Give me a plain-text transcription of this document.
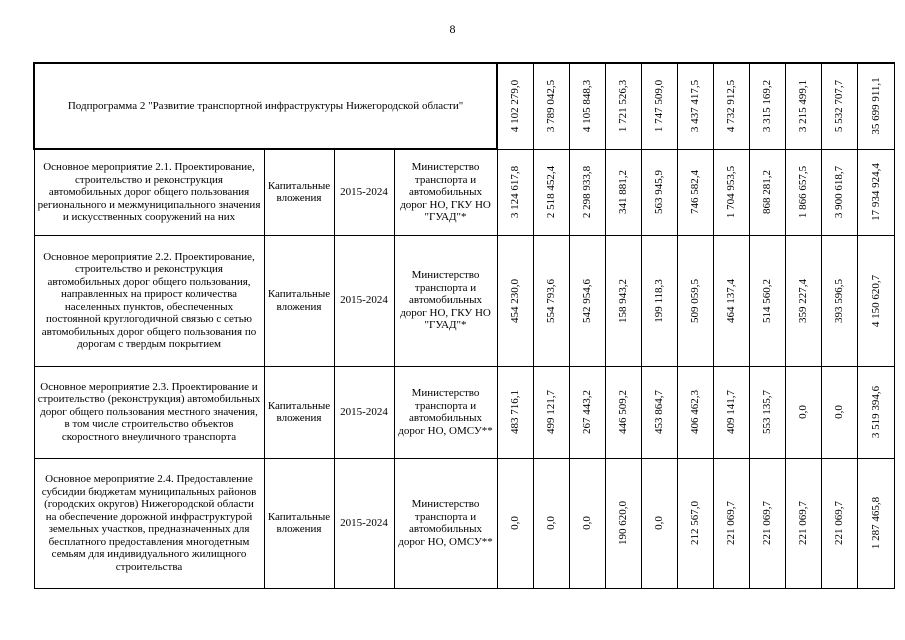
8
Подпрограмма 2 "Развитие транспортной инфраструктуры Нижегородской области"				4 102 279,0	3 789 042,5	4 105 848,3	1 721 526,3	1 747 509,0	3 437 417,5	4 732 912,5	3 315 169,2	3 215 499,1	5 532 707,7	35 699 911,1

Основное мероприятие 2.1. Проектирование, строительство и реконструкция автомобильных дорог общего пользования регионального и межмуниципального значения и искусственных сооружений на них	Капитальные вложения	2015-2024	Министерство транспорта и автомобильных дорог НО, ГКУ НО "ГУАД"*	3 124 617,8	2 518 452,4	2 298 933,8	341 881,2	563 945,9	746 582,4	1 704 953,5	868 281,2	1 866 657,5	3 900 618,7	17 934 924,4

Основное мероприятие 2.2. Проектирование, строительство и реконструкция автомобильных дорог общего пользования, направленных на прирост количества населенных пунктов, обеспеченных постоянной круглогодичной связью с сетью автомобильных дорог общего пользования по дорогам с твердым покрытием	Капитальные вложения	2015-2024	Министерство транспорта и автомобильных дорог НО, ГКУ НО "ГУАД"*	454 230,0	554 793,6	542 954,6	158 943,2	199 118,3	509 059,5	464 137,4	514 560,2	359 227,4	393 596,5	4 150 620,7

Основное мероприятие 2.3. Проектирование и строительство (реконструкция) автомобильных дорог общего пользования местного значения, в том числе строительство объектов скоростного внеуличного транспорта	Капитальные вложения	2015-2024	Министерство транспорта и автомобильных дорог НО, ОМСУ**	483 716,1	499 121,7	267 443,2	446 509,2	453 864,7	406 462,3	409 141,7	553 135,7	0,0	0,0	3 519 394,6

Основное мероприятие 2.4. Предоставление субсидии бюджетам муниципальных районов (городских округов) Нижегородской области на обеспечение дорожной инфраструктурой земельных участков, предназначенных для бесплатного предоставления многодетным семьям для индивидуального жилищного строительства	Капитальные вложения	2015-2024	Министерство транспорта и автомобильных дорог НО, ОМСУ**	0,0	0,0	0,0	190 620,0	0,0	212 567,0	221 069,7	221 069,7	221 069,7	221 069,7	1 287 465,8
